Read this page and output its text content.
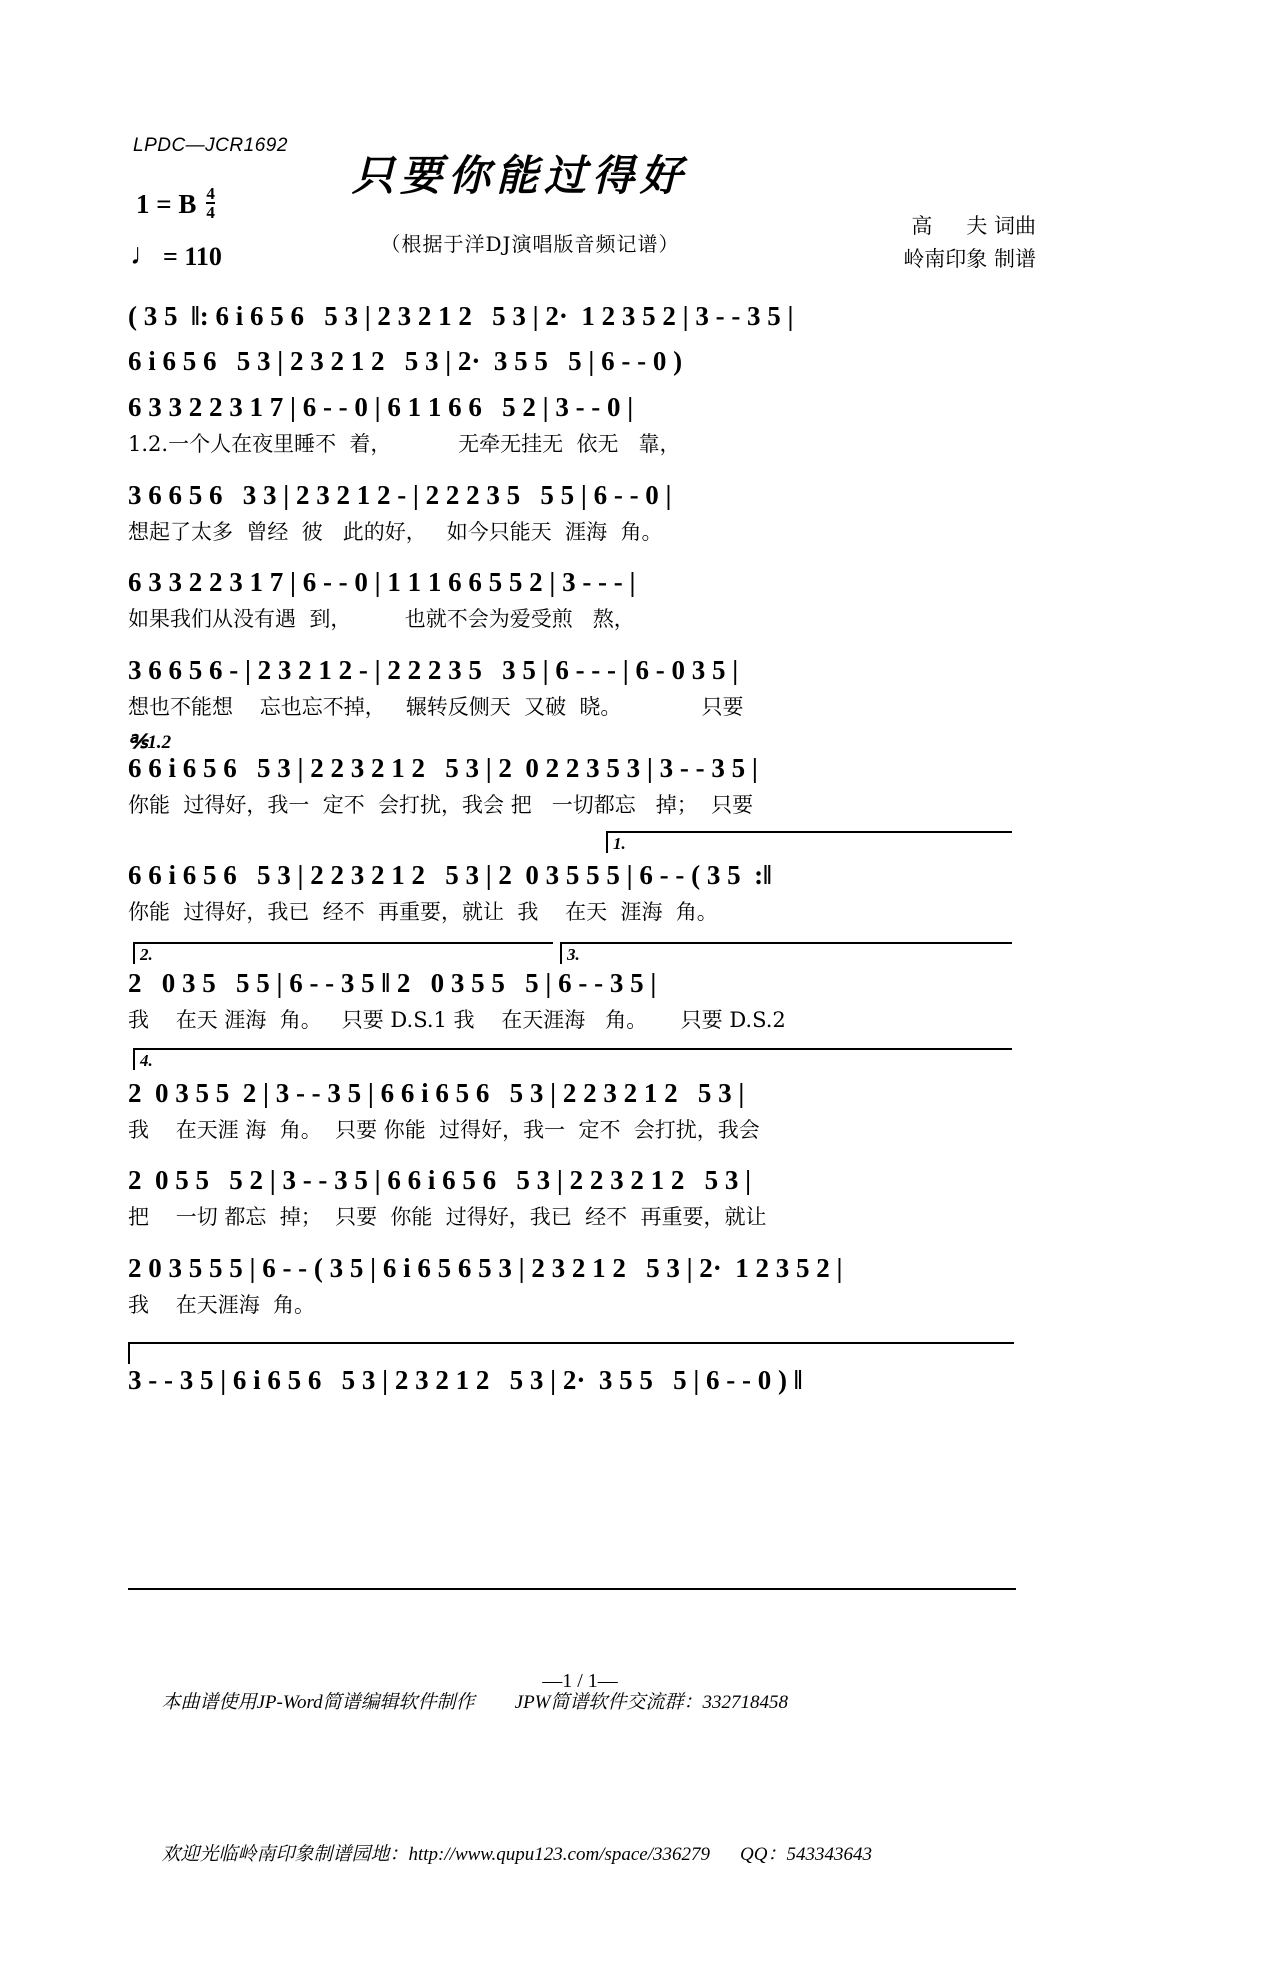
LPDC—JCR1692
只要你能过得好
（根据于洋DJ演唱版音频记谱）
1 = B $\frac{4}{4}$
♩ = 110
高 夫 词曲
岭南印象 制谱
( 3 5  ‖: 6 i 6 5 6   5 3 | 2 3 2 1 2   5 3 | 2·  1 2 3 5 2 | 3 - - 3 5 |
6 i 6 5 6   5 3 | 2 3 2 1 2   5 3 | 2·  3 5 5   5 | 6 - - 0 )
6 3 3 2 2 3 1 7 | 6 - - 0 | 6 1 1 6 6   5 2 | 3 - - 0 |
1.2.一个人在夜里睡不  着，          无牵无挂无  依无   靠，
3 6 6 5 6   3 3 | 2 3 2 1 2 - | 2 2 2 3 5   5 5 | 6 - - 0 |
想起了太多  曾经  彼   此的好，   如今只能天  涯海  角。
6 3 3 2 2 3 1 7 | 6 - - 0 | 1 1 1 6 6 5 5 2 | 3 - - - |
如果我们从没有遇  到，        也就不会为爱受煎   熬，
3 6 6 5 6 - | 2 3 2 1 2 - | 2 2 2 3 5   3 5 | 6 - - - | 6 - 0 3 5 |
想也不能想    忘也忘不掉，   辗转反侧天  又破  晓。            只要
℁1.2
6 6 i 6 5 6   5 3 | 2 2 3 2 1 2   5 3 | 2  0 2 2 3 5 3 | 3 - - 3 5 |
你能  过得好，我一  定不  会打扰，我会 把   一切都忘   掉；  只要
1.
6 6 i 6 5 6   5 3 | 2 2 3 2 1 2   5 3 | 2  0 3 5 5 5 | 6 - - ( 3 5  :‖
你能  过得好，我已  经不  再重要，就让  我    在天  涯海  角。
2.	3.
2   0 3 5   5 5 | 6 - - 3 5 ‖ 2   0 3 5 5   5 | 6 - - 3 5 |
我    在天 涯海  角。   只要 D.S.1 我    在天涯海   角。     只要 D.S.2
4.
2  0 3 5 5  2 | 3 - - 3 5 | 6 6 i 6 5 6   5 3 | 2 2 3 2 1 2   5 3 |
我    在天涯 海  角。  只要 你能  过得好，我一  定不  会打扰，我会
2  0 5 5   5 2 | 3 - - 3 5 | 6 6 i 6 5 6   5 3 | 2 2 3 2 1 2   5 3 |
把    一切 都忘  掉；  只要  你能  过得好，我已  经不  再重要，就让
2 0 3 5 5 5 | 6 - - ( 3 5 | 6 i 6 5 6 5 3 | 2 3 2 1 2   5 3 | 2·  1 2 3 5 2 |
我    在天涯海  角。
3 - - 3 5 | 6 i 6 5 6   5 3 | 2 3 2 1 2   5 3 | 2·  3 5 5   5 | 6 - - 0 ) ‖

本曲谱使用JP-Word简谱编辑软件制作 JPW简谱软件交流群：332718458

欢迎光临岭南印象制谱园地：http://www.qupu123.com/space/336279 QQ：543343643

—1 / 1—
